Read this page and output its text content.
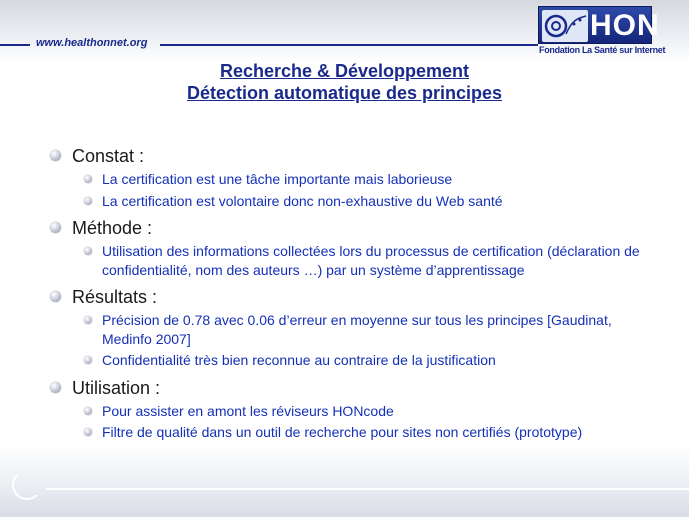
www.healthonnet.org
HON
Fondation La Santé sur Internet
Recherche & Développement
Détection automatique des principes
Constat :
La certification est une tâche importante mais laborieuse
La certification est volontaire donc non-exhaustive du Web santé
Méthode :
Utilisation des informations collectées lors du processus de certification (déclaration de confidentialité, nom des auteurs …) par un système d’apprentissage
Résultats :
Précision de 0.78 avec 0.06 d’erreur en moyenne sur tous les principes [Gaudinat, Medinfo 2007]
Confidentialité très bien reconnue au contraire de la justification
Utilisation :
Pour assister en amont les réviseurs HONcode
Filtre de qualité dans un outil de recherche pour sites non certifiés (prototype)
